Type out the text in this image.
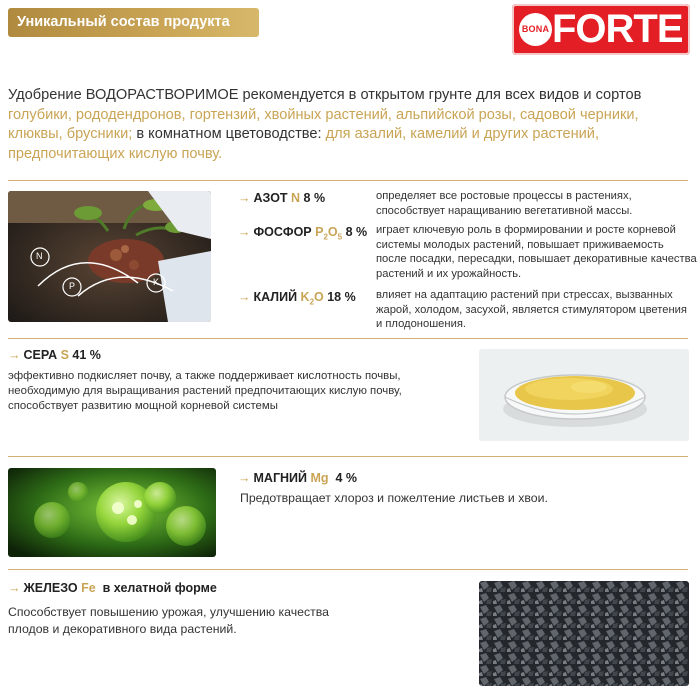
Уникальный состав продукта	BONA FORTE
Удобрение ВОДОРАСТВОРИМОЕ рекомендуется в открытом грунте для всех видов и сортов
голубики, рододендронов, гортензий, хвойных растений, альпийской розы, садовой черники,
клюквы, брусники; в комнатном цветоводстве: для азалий, камелий и других растений,
предпочитающих кислую почву.
N
P	K
→ АЗОТ N 8 %	определяет все ростовые процессы в растениях,
способствует наращиванию вегетативной массы.
→ ФОСФОР $P_2O_5$ 8 % играет ключевую роль в формировании и росте корневой
системы молодых растений, повышает приживаемость
после посадки, пересадки, повышает декоративные качества
растений и их урожайность.
→ КАЛИЙ $K_2O$ 18 % влияет на адаптацию растений при стрессах, вызванных
жарой, холодом, засухой, является стимулятором цветения
и плодоношения.
→ СЕРА S 41 %
эффективно подкисляет почву, а также поддерживает кислотность почвы,
необходимую для выращивания растений предпочитающих кислую почву,
способствует развитию мощной корневой системы
→ МАГНИЙ Mg  4 %
Предотвращает хлороз и пожелтение листьев и хвои.
→ ЖЕЛЕЗО Fe  в хелатной форме
Способствует повышению урожая, улучшению качества
плодов и декоративного вида растений.
